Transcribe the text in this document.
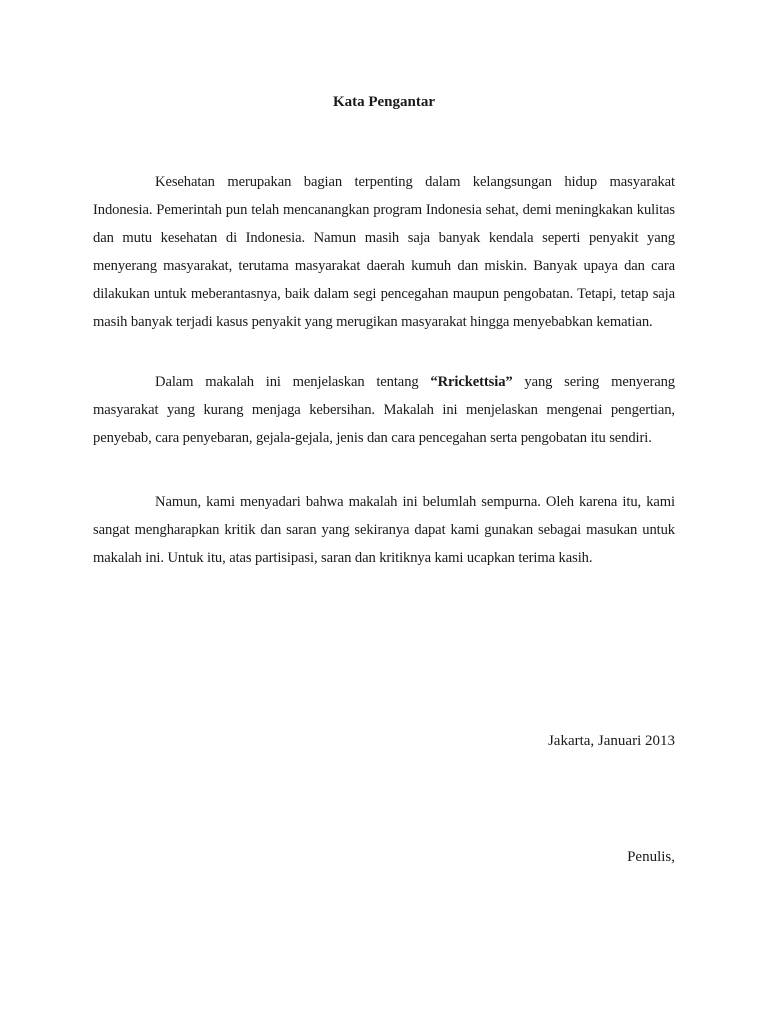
Kata Pengantar

Kesehatan merupakan bagian terpenting dalam kelangsungan hidup masyarakat Indonesia. Pemerintah pun telah mencanangkan program Indonesia sehat, demi meningkakan kulitas dan mutu kesehatan di Indonesia. Namun masih saja banyak kendala seperti penyakit yang menyerang masyarakat, terutama masyarakat daerah kumuh dan miskin. Banyak upaya dan cara dilakukan untuk meberantasnya, baik dalam segi pencegahan maupun pengobatan. Tetapi, tetap saja masih banyak terjadi kasus penyakit yang merugikan masyarakat hingga menyebabkan kematian.

Dalam makalah ini menjelaskan tentang “Rrickettsia” yang sering menyerang masyarakat yang kurang menjaga kebersihan. Makalah ini menjelaskan mengenai pengertian, penyebab, cara penyebaran, gejala-gejala, jenis dan cara pencegahan serta pengobatan itu sendiri.

Namun, kami menyadari bahwa makalah ini belumlah sempurna. Oleh karena itu, kami sangat mengharapkan kritik dan saran yang sekiranya dapat kami gunakan sebagai masukan untuk makalah ini. Untuk itu, atas partisipasi, saran dan kritiknya kami ucapkan terima kasih.

Jakarta, Januari 2013
Penulis,
